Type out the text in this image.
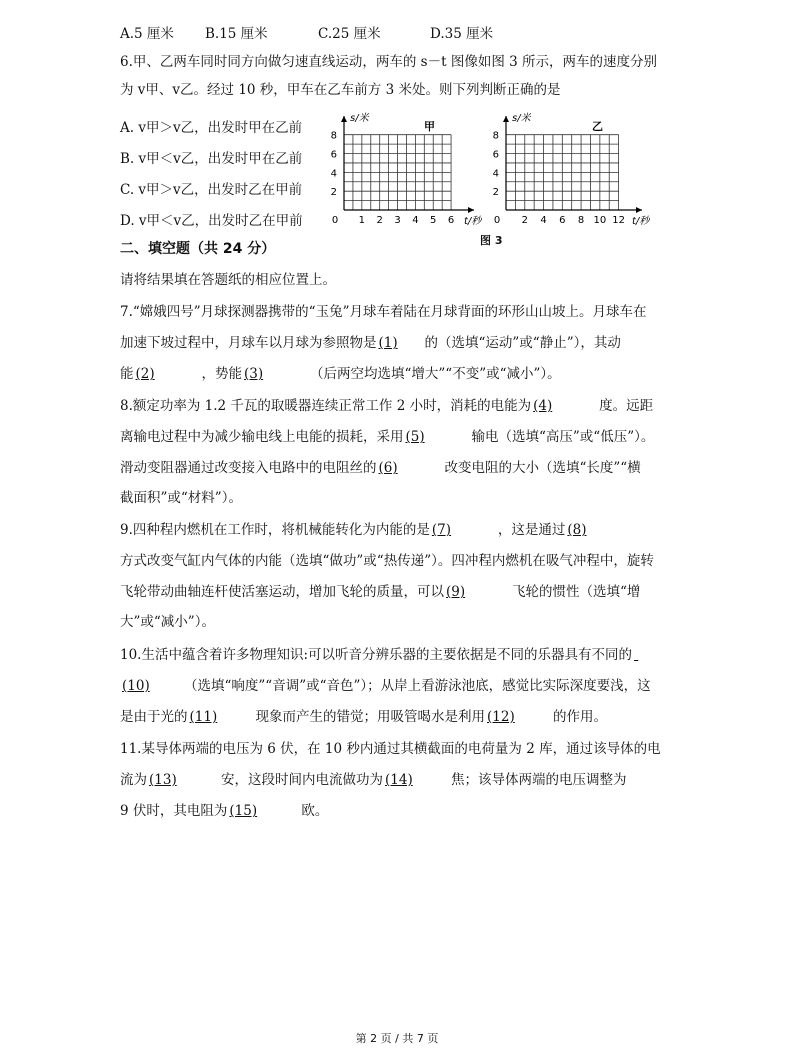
A.5 厘米 B.15 厘米	C.25 厘米	D.35 厘米
6.甲、乙两车同时同方向做匀速直线运动，两车的 s－t 图像如图 3 所示，两车的速度分别
为 v甲、v乙。经过 10 秒，甲车在乙车前方 3 米处。则下列判断正确的是
A. v甲＞v乙，出发时甲在乙前
B. v甲＜v乙，出发时甲在乙前
C. v甲＞v乙，出发时乙在甲前
D. v甲＜v乙，出发时乙在甲前	0 1 2 3 4 5 6
2
4
6
8
s/米
t/秒
甲
0 2 4 6 8 10 12
2
4
6
8
s/米
t/秒
乙
图 3
二、填空题（共 24 分）
请将结果填在答题纸的相应位置上。
7.“嫦娥四号”月球探测器携带的“玉兔”月球车着陆在月球背面的环形山山坡上。月球车在
加速下坡过程中，月球车以月球为参照物是 (1) 的（选填“运动”或“静止”），其动
能 (2)	，势能 (3)	（后两空均选填“增大”“不变”或“减小”）。
8.额定功率为 1.2 千瓦的取暖器连续正常工作 2 小时，消耗的电能为 (4)	度。远距
离输电过程中为减少输电线上电能的损耗，采用 (5)	输电（选填“高压”或“低压”）。
滑动变阻器通过改变接入电路中的电阻丝的 (6)	改变电阻的大小（选填“长度”“横
截面积”或“材料”）。
9.四种程内燃机在工作时，将机械能转化为内能的是 (7)	，这是通过 (8)
方式改变气缸内气体的内能（选填“做功”或“热传递”）。四冲程内燃机在吸气冲程中，旋转
飞轮带动曲轴连杆使活塞运动，增加飞轮的质量，可以 (9)	飞轮的惯性（选填“增
大”或“减小”）。
10.生活中蕴含着许多物理知识:可以听音分辨乐器的主要依据是不同的乐器具有不同的
(10)	（选填“响度”“音调”或“音色”）；从岸上看游泳池底，感觉比实际深度要浅，这
是由于光的 (11)	现象而产生的错觉；用吸管喝水是利用 (12)	的作用。
11.某导体两端的电压为 6 伏，在 10 秒内通过其横截面的电荷量为 2 库，通过该导体的电
流为 (13)	安，这段时间内电流做功为 (14)	焦；该导体两端的电压调整为
9 伏时，其电阻为 (15)	欧。
第 2 页 / 共 7 页
